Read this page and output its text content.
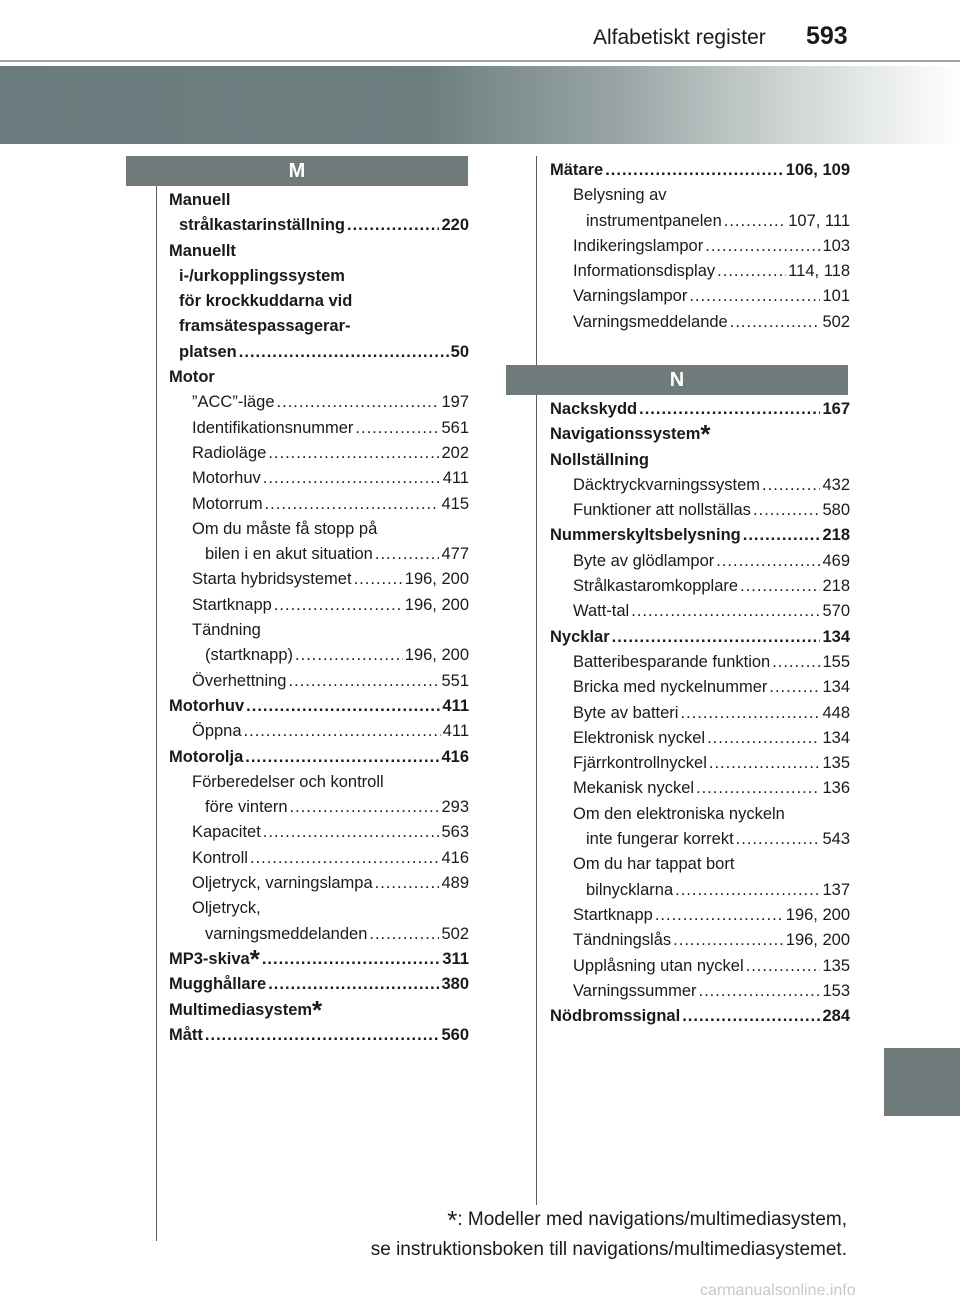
Alfabetiskt register 593
M
Manuell
strålkastarinställning .....	220
Manuellt
i-/urkopplingssystem
för krockkuddarna vid
framsätespassagerar-
platsen .....	50
Motor
”ACC”-läge .....	197
Identifikationsnummer .....	561
Radioläge .....	202
Motorhuv .....	411
Motorrum .....	415
Om du måste få stopp på
bilen i en akut situation .....	477
Starta hybridsystemet .....	196, 200
Startknapp .....	196, 200
Tändning
(startknapp) .....	196, 200
Överhettning .....	551
Motorhuv .....	411
Öppna .....	411
Motorolja .....	416
Förberedelser och kontroll
före vintern .....	293
Kapacitet .....	563
Kontroll .....	416
Oljetryck, varningslampa .....	489
Oljetryck,
varningsmeddelanden .....	502
MP3-skiva * .....	311
Mugghållare .....	380
Multimediasystem*
Mått .....	560
Mätare .....	106, 109
Belysning av
instrumentpanelen .....	107, 111
Indikeringslampor .....	103
Informationsdisplay .....	114, 118
Varningslampor .....	101
Varningsmeddelande .....	502
N
Nackskydd .....	167
Navigationssystem*
Nollställning
Däcktryckvarningssystem .....	432
Funktioner att nollställas .....	580
Nummerskyltsbelysning .....	218
Byte av glödlampor .....	469
Strålkastaromkopplare .....	218
Watt-tal .....	570
Nycklar .....	134
Batteribesparande funktion .....	155
Bricka med nyckelnummer .....	134
Byte av batteri .....	448
Elektronisk nyckel .....	134
Fjärrkontrollnyckel .....	135
Mekanisk nyckel .....	136
Om den elektroniska nyckeln
inte fungerar korrekt .....	543
Om du har tappat bort
bilnycklarna .....	137
Startknapp .....	196, 200
Tändningslås .....	196, 200
Upplåsning utan nyckel .....	135
Varningssummer .....	153
Nödbromssignal .....	284
*: Modeller med navigations/multimediasystem,
se instruktionsboken till navigations/multimediasystemet.
carmanualsonline.info
